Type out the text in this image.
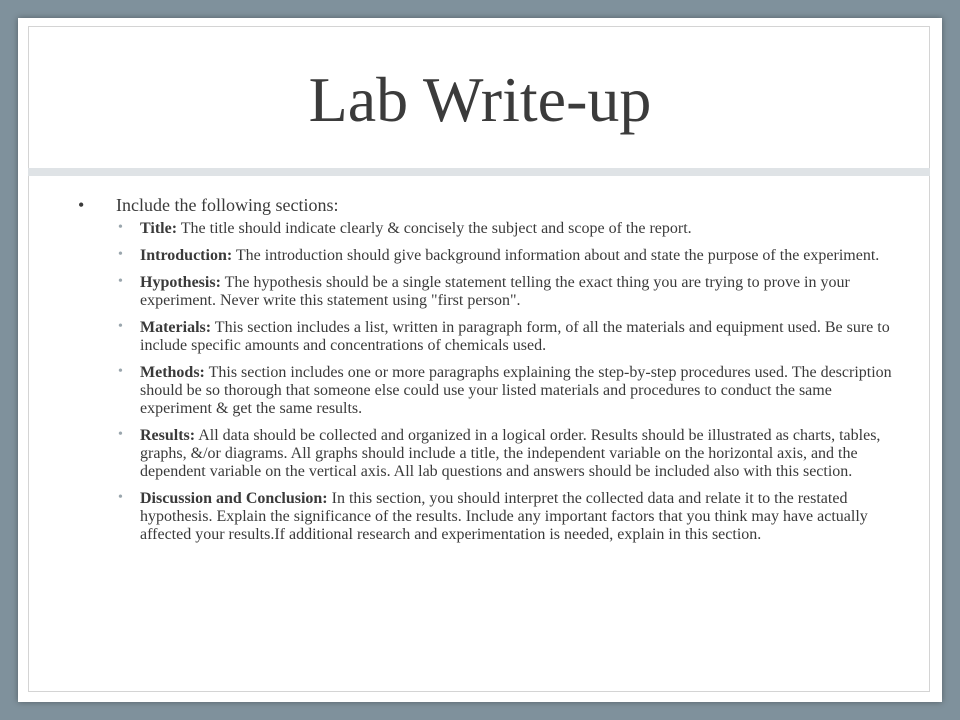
Lab Write-up
• Include the following sections:
• Title: The title should indicate clearly & concisely the subject and scope of the report.
• Introduction: The introduction should give background information about and state the purpose of the experiment.
• Hypothesis: The hypothesis should be a single statement telling the exact thing you are trying to prove in your experiment. Never write this statement using "first person".
• Materials: This section includes a list, written in paragraph form, of all the materials and equipment used. Be sure to include specific amounts and concentrations of chemicals used.
• Methods: This section includes one or more paragraphs explaining the step-by-step procedures used. The description should be so thorough that someone else could use your listed materials and procedures to conduct the same experiment & get the same results.
• Results: All data should be collected and organized in a logical order. Results should be illustrated as charts, tables, graphs, &/or diagrams. All graphs should include a title, the independent variable on the horizontal axis, and the dependent variable on the vertical axis. All lab questions and answers should be included also with this section.
• Discussion and Conclusion: In this section, you should interpret the collected data and relate it to the restated hypothesis. Explain the significance of the results. Include any important factors that you think may have actually affected your results.If additional research and experimentation is needed, explain in this section.
